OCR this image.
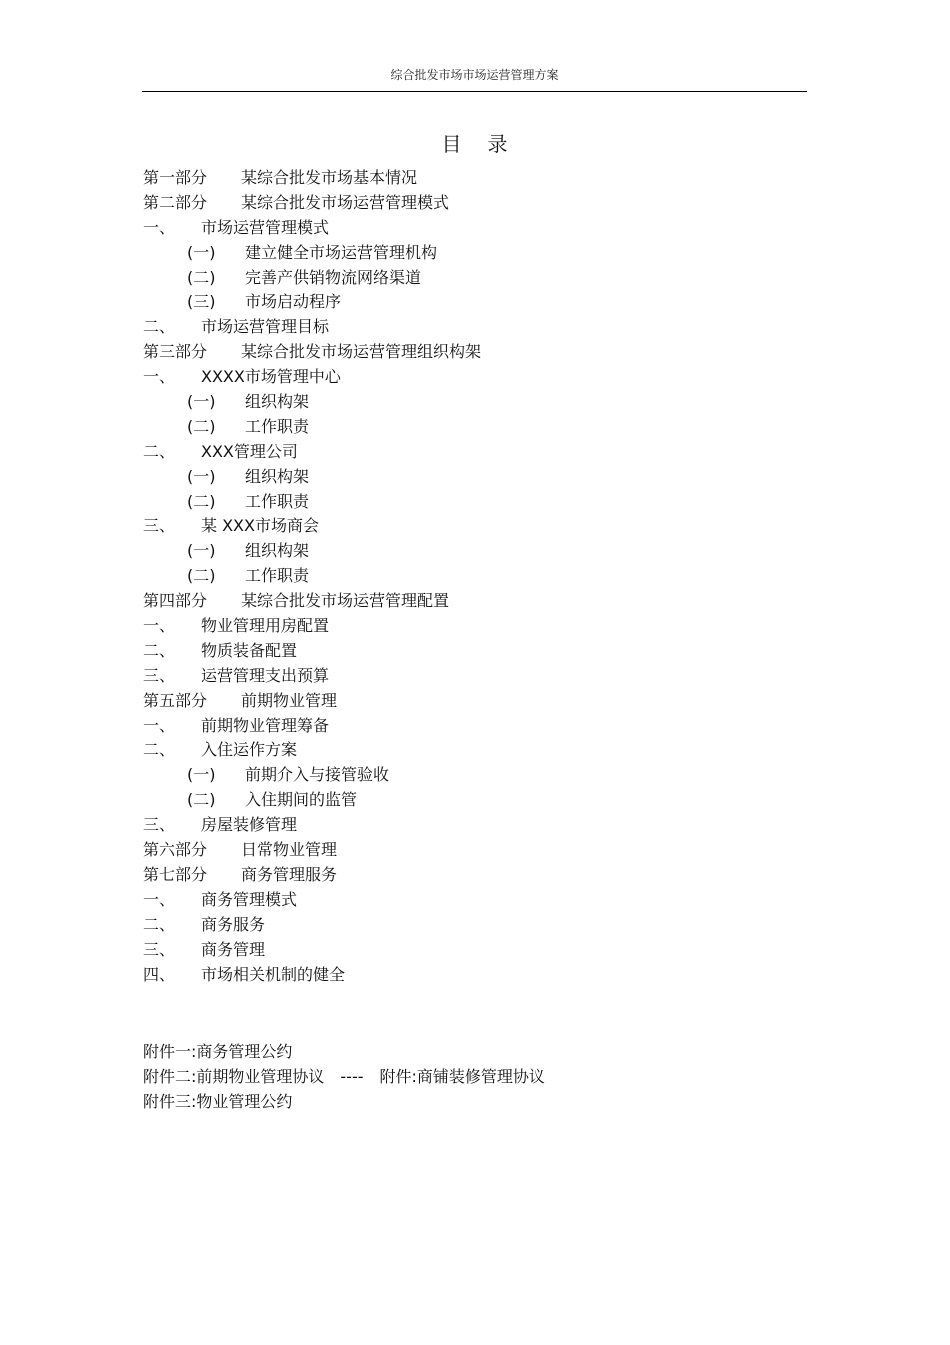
综合批发市场市场运营管理方案
目录
第一部分 某综合批发市场基本情况
第二部分 某综合批发市场运营管理模式
一、 市场运营管理模式
(一) 建立健全市场运营管理机构
(二) 完善产供销物流网络渠道
(三) 市场启动程序
二、 市场运营管理目标
第三部分 某综合批发市场运营管理组织构架
一、 XXXX市场管理中心
(一) 组织构架
(二) 工作职责
二、 XXX管理公司
(一) 组织构架
(二) 工作职责
三、 某 XXX市场商会
(一) 组织构架
(二) 工作职责
第四部分 某综合批发市场运营管理配置
一、 物业管理用房配置
二、 物质装备配置
三、 运营管理支出预算
第五部分 前期物业管理
一、 前期物业管理筹备
二、 入住运作方案
(一) 前期介入与接管验收
(二) 入住期间的监管
三、 房屋装修管理
第六部分 日常物业管理
第七部分 商务管理服务
一、 商务管理模式
二、 商务服务
三、 商务管理
四、 市场相关机制的健全
附件一:商务管理公约
附件二:前期物业管理协议 ---- 附件:商铺装修管理协议
附件三:物业管理公约
